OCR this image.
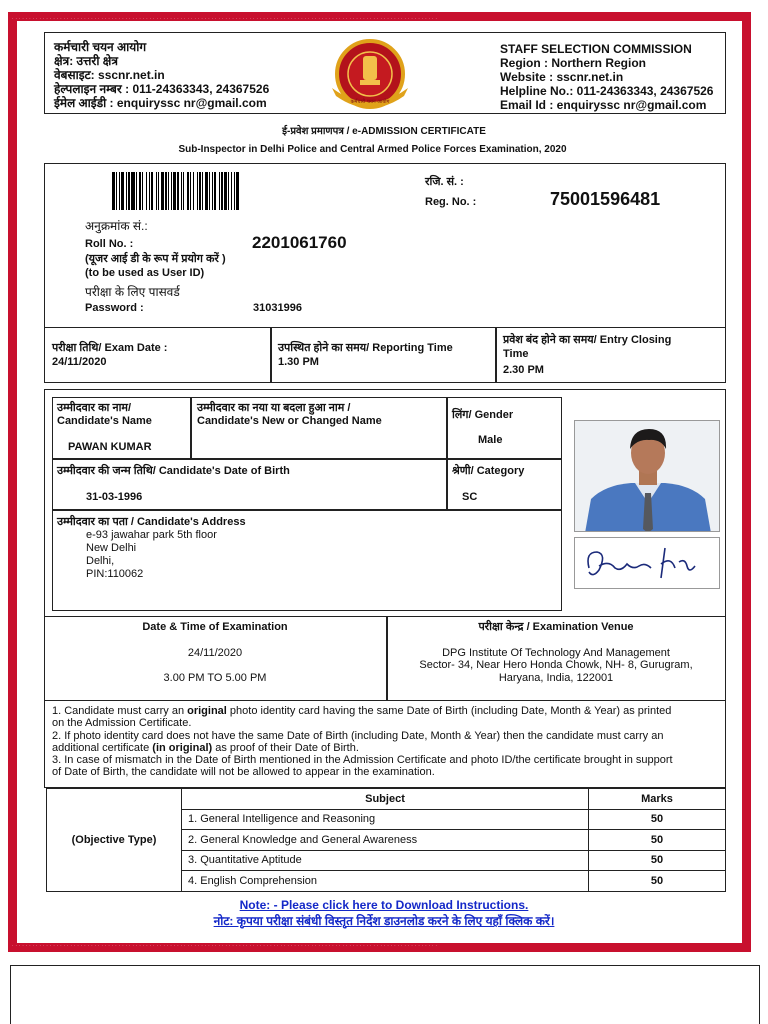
· · · · · · · · · · · · · · · · · · · · · · · · · · · · · · · · · · · · · · · · · · · · · · · · · · · · · · · · · · · · · · · · · · · · · · · · · · · · · · · · · · · · · · · · · · · · · · · · · · · · · · · · · · · · · · · · · · · · · · · · · · · ·
· · · · · · · · · · · · · · · · · · · · · · · · · · · · · · · · · · · · · · · · · · · · · · · · · · · · · · · · · · · · · · · · · · · · · · · · · · · · · · · · · · · · · · · · · · · · · · · · · · · · · · · · · · · · · · · · · · · · · · · · · · · ·
कर्मचारी चयन आयोग
क्षेत्र: उत्तरी क्षेत्र
वेबसाइट: sscnr.net.in
हेल्पलाइन नम्बर : 011-24363343, 24367526
ईमेल आईडी : enquiryssc nr@gmail.com	कर्मचारी चयन आयोग
STAFF SELECTION COMMISSION
Region : Northern Region
Website : sscnr.net.in
Helpline No.: 011-24363343, 24367526
Email Id : enquiryssc nr@gmail.com
ई-प्रवेश प्रमाणपत्र / e-ADMISSION CERTIFICATE
Sub-Inspector in Delhi Police and Central Armed Police Forces Examination, 2020
रजि. सं. :
Reg. No. :	75001596481
अनुक्रमांक सं.:
Roll No. :	2201061760
(यूजर आई डी के रूप में प्रयोग करें )
(to be used as User ID)
परीक्षा के लिए पासवर्ड
Password :	31031996
परीक्षा तिथि/ Exam Date :
24/11/2020
उपस्थित होने का समय/ Reporting Time
1.30 PM
प्रवेश बंद होने का समय/ Entry Closing
Time
2.30 PM
उम्मीदवार का नाम/
Candidate's Name
PAWAN KUMAR
उम्मीदवार का नया या बदला हुआ नाम /
Candidate's New or Changed Name	लिंग/ Gender
Male
उम्मीदवार की जन्म तिथि/ Candidate's Date of Birth
31-03-1996
श्रेणी/ Category
SC
उम्मीदवार का पता / Candidate's Address
e-93 jawahar park 5th floor
New Delhi
Delhi,
PIN:110062
Pawan Kr
Date & Time of Examination
24/11/2020
3.00 PM TO 5.00 PM
परीक्षा केन्द्र / Examination Venue
DPG Institute Of Technology And Management
Sector- 34, Near Hero Honda Chowk, NH- 8, Gurugram,
Haryana, India, 122001
1. Candidate must carry an original photo identity card having the same Date of Birth (including Date, Month & Year) as printed
on the Admission Certificate.
2. If photo identity card does not have the same Date of Birth (including Date, Month & Year) then the candidate must carry an
additional certificate (in original) as proof of their Date of Birth.
3. In case of mismatch in the Date of Birth mentioned in the Admission Certificate and photo ID/the certificate brought in support
of Date of Birth, the candidate will not be allowed to appear in the examination.
(Objective Type)	Subject	Marks
	1. General Intelligence and Reasoning	50
	2. General Knowledge and General Awareness	50
	3. Quantitative Aptitude	50
	4. English Comprehension	50
Note: - Please click here to Download Instructions.
नोट: कृपया परीक्षा संबंधी विस्तृत निर्देश डाउनलोड करने के लिए यहाँ क्लिक करें।
